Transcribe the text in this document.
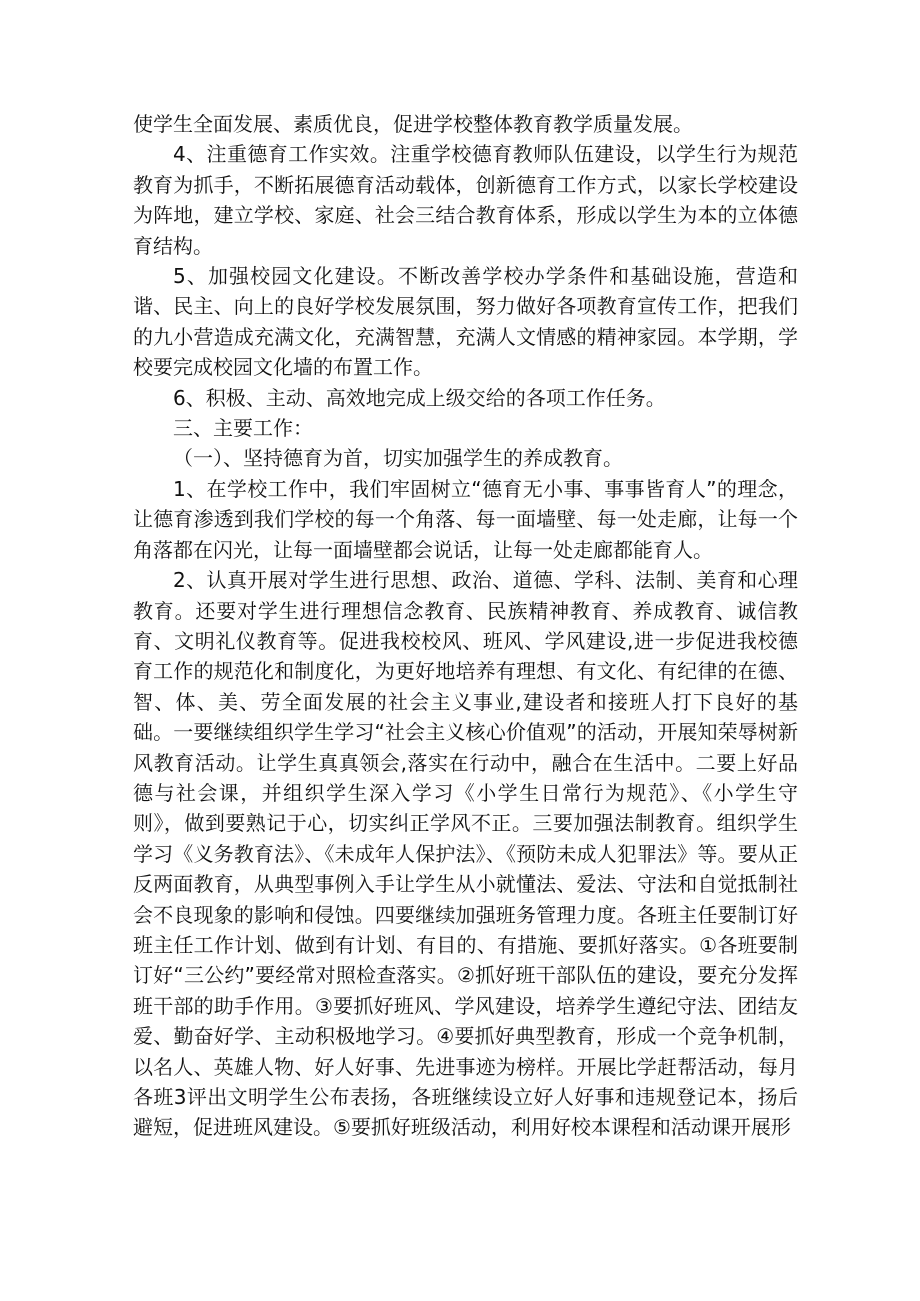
使学生全面发展、素质优良，促进学校整体教育教学质量发展。

4、注重德育工作实效。注重学校德育教师队伍建设，以学生行为规范教育为抓手，不断拓展德育活动载体，创新德育工作方式，以家长学校建设为阵地，建立学校、家庭、社会三结合教育体系，形成以学生为本的立体德育结构。

5、加强校园文化建设。不断改善学校办学条件和基础设施，营造和谐、民主、向上的良好学校发展氛围，努力做好各项教育宣传工作，把我们的九小营造成充满文化，充满智慧，充满人文情感的精神家园。本学期，学校要完成校园文化墙的布置工作。

6、积极、主动、高效地完成上级交给的各项工作任务。

三、主要工作：

（一）、坚持德育为首，切实加强学生的养成教育。

1、在学校工作中，我们牢固树立“德育无小事、事事皆育人”的理念，让德育渗透到我们学校的每一个角落、每一面墙壁、每一处走廊，让每一个角落都在闪光，让每一面墙壁都会说话，让每一处走廊都能育人。

2、认真开展对学生进行思想、政治、道德、学科、法制、美育和心理教育。还要对学生进行理想信念教育、民族精神教育、养成教育、诚信教育、文明礼仪教育等。促进我校校风、班风、学风建设,进一步促进我校德育工作的规范化和制度化，为更好地培养有理想、有文化、有纪律的在德、智、体、美、劳全面发展的社会主义事业,建设者和接班人打下良好的基础。一要继续组织学生学习“社会主义核心价值观”的活动，开展知荣辱树新风教育活动。让学生真真领会,落实在行动中，融合在生活中。二要上好品德与社会课，并组织学生深入学习《小学生日常行为规范》、《小学生守则》，做到要熟记于心，切实纠正学风不正。三要加强法制教育。组织学生学习《义务教育法》、《未成年人保护法》、《预防未成人犯罪法》等。要从正反两面教育，从典型事例入手让学生从小就懂法、爱法、守法和自觉抵制社会不良现象的影响和侵蚀。四要继续加强班务管理力度。各班主任要制订好班主任工作计划、做到有计划、有目的、有措施、要抓好落实。①各班要制订好“三公约”要经常对照检查落实。②抓好班干部队伍的建设，要充分发挥班干部的助手作用。③要抓好班风、学风建设，培养学生遵纪守法、团结友爱、勤奋好学、主动积极地学习。④要抓好典型教育，形成一个竞争机制，以名人、英雄人物、好人好事、先进事迹为榜样。开展比学赶帮活动，每月各班3评出文明学生公布表扬，各班继续设立好人好事和违规登记本，扬后避短，促进班风建设。⑤要抓好班级活动，利用好校本课程和活动课开展形
